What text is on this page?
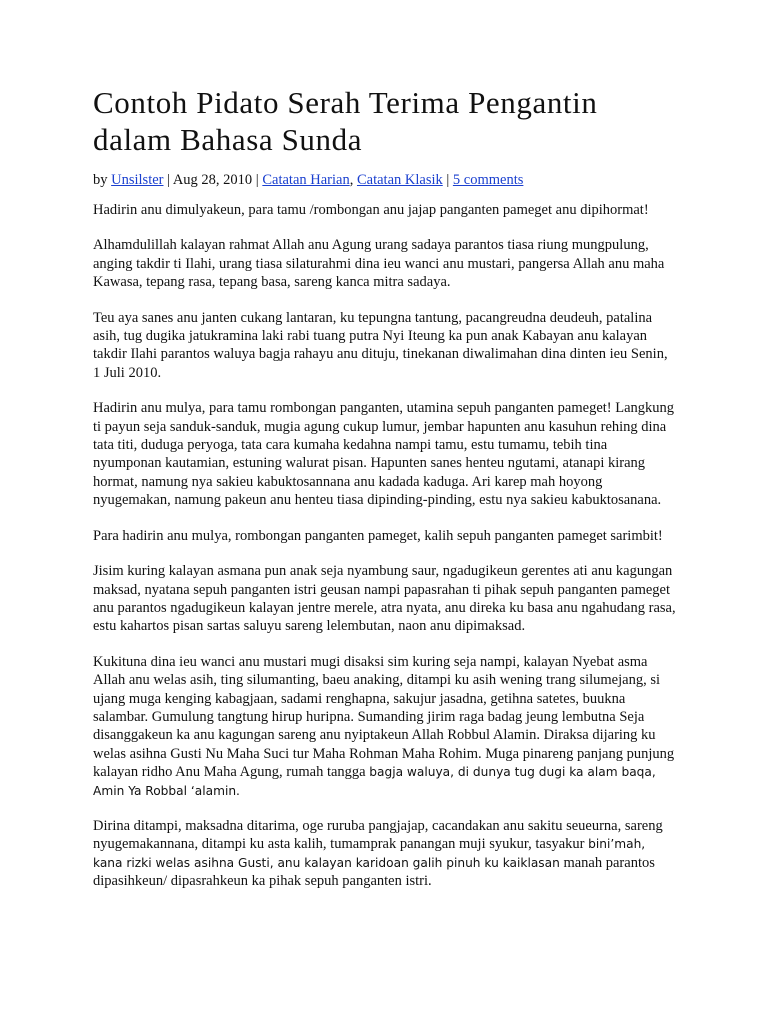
Contoh Pidato Serah Terima Pengantin
dalam Bahasa Sunda
by Unsilster | Aug 28, 2010 | Catatan Harian, Catatan Klasik | 5 comments

Hadirin anu dimulyakeun, para tamu /rombongan anu jajap panganten pameget anu dipihormat!

Alhamdulillah kalayan rahmat Allah anu Agung urang sadaya parantos tiasa riung mungpulung, anging takdir ti Ilahi, urang tiasa silaturahmi dina ieu wanci anu mustari, pangersa Allah anu maha Kawasa, tepang rasa, tepang basa, sareng kanca mitra sadaya.

Teu aya sanes anu janten cukang lantaran, ku tepungna tantung, pacangreudna deudeuh, patalina asih, tug dugika jatukramina laki rabi tuang putra Nyi Iteung ka pun anak Kabayan anu kalayan takdir Ilahi parantos waluya bagja rahayu anu dituju, tinekanan diwalimahan dina dinten ieu Senin, 1 Juli 2010.

Hadirin anu mulya, para tamu rombongan panganten, utamina sepuh panganten pameget! Langkung ti payun seja sanduk-sanduk, mugia agung cukup lumur, jembar hapunten anu kasuhun rehing dina tata titi, duduga peryoga, tata cara kumaha kedahna nampi tamu, estu tumamu, tebih tina nyumponan kautamian, estuning walurat pisan. Hapunten sanes henteu ngutami, atanapi kirang hormat, namung nya sakieu kabuktosannana anu kadada kaduga. Ari karep mah hoyong nyugemakan, namung pakeun anu henteu tiasa dipinding-pinding, estu nya sakieu kabuktosanana.

Para hadirin anu mulya, rombongan panganten pameget, kalih sepuh panganten pameget sarimbit!

Jisim kuring kalayan asmana pun anak seja nyambung saur, ngadugikeun gerentes ati anu kagungan maksad, nyatana sepuh panganten istri geusan nampi papasrahan ti pihak sepuh panganten pameget anu parantos ngadugikeun kalayan jentre merele, atra nyata, anu direka ku basa anu ngahudang rasa, estu kahartos pisan sartas saluyu sareng lelembutan, naon anu dipimaksad.

Kukituna dina ieu wanci anu mustari mugi disaksi sim kuring seja nampi, kalayan Nyebat asma Allah anu welas asih, ting silumanting, baeu anaking, ditampi ku asih wening trang silumejang, si ujang muga kenging kabagjaan, sadami renghapna, sakujur jasadna, getihna satetes, buukna salambar. Gumulung tangtung hirup huripna. Sumanding jirim raga badag jeung lembutna Seja disanggakeun ka anu kagungan sareng anu nyiptakeun Allah Robbul Alamin. Diraksa dijaring ku welas asihna Gusti Nu Maha Suci tur Maha Rohman Maha Rohim. Muga pinareng panjang punjung kalayan ridho Anu Maha Agung, rumah tangga bagja waluya, di dunya tug dugi ka alam baqa, Amin Ya Robbal ‘alamin.

Dirina ditampi, maksadna ditarima, oge ruruba pangjajap, cacandakan anu sakitu seueurna, sareng nyugemakannana, ditampi ku asta kalih, tumamprak panangan muji syukur, tasyakur bini’mah, kana rizki welas asihna Gusti, anu kalayan karidoan galih pinuh ku kaiklasan manah parantos dipasihkeun/ dipasrahkeun ka pihak sepuh panganten istri.
